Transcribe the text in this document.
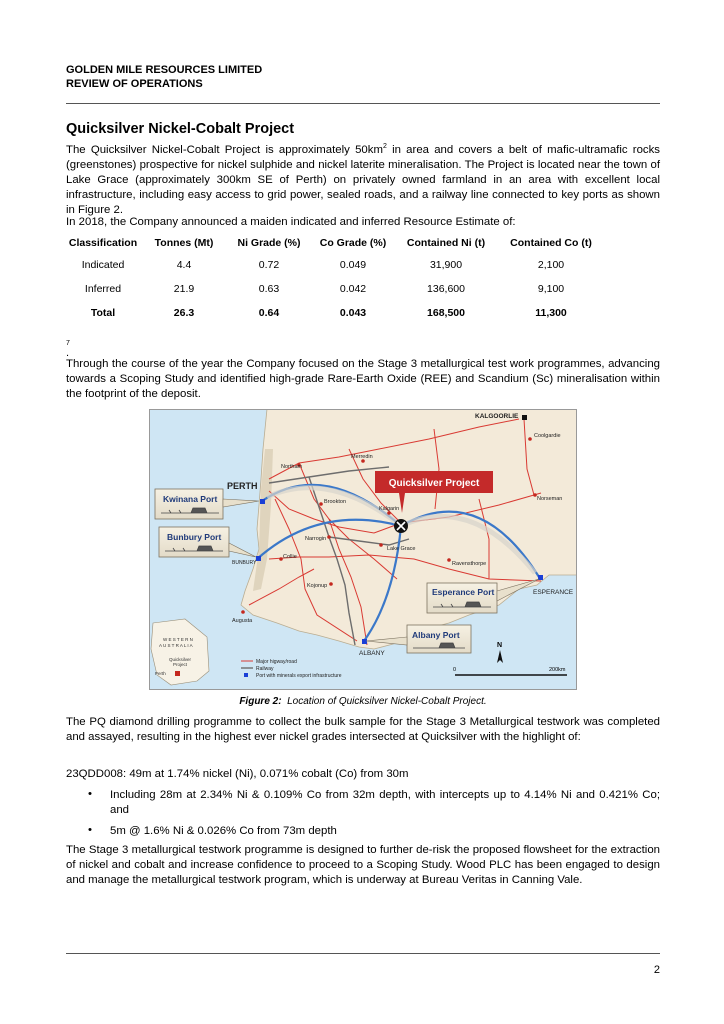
GOLDEN MILE RESOURCES LIMITED
REVIEW OF OPERATIONS
Quicksilver Nickel-Cobalt Project
The Quicksilver Nickel-Cobalt Project is approximately $50km^2$ in area and covers a belt of mafic-ultramafic rocks (greenstones) prospective for nickel sulphide and nickel laterite mineralisation. The Project is located near the town of Lake Grace (approximately 300km SE of Perth) on privately owned farmland in an area with excellent local infrastructure, including easy access to grid power, sealed roads, and a railway line connected to key ports as shown in Figure 2.
In 2018, the Company announced a maiden indicated and inferred Resource Estimate of:
Classification	Tonnes (Mt)	Ni Grade (%)	Co Grade (%)	Contained Ni (t)	Contained Co (t)
Indicated	4.4	0.72	0.049	31,900	2,100
Inferred	21.9	0.63	0.042	136,600	9,100
Total	26.3	0.64	0.043	168,500	11,300
7
.
Through the course of the year the Company focused on the Stage 3 metallurgical test work programmes, advancing towards a Scoping Study and identified high-grade Rare-Earth Oxide (REE) and Scandium (Sc) mineralisation within the footprint of the deposit.
KALGOORLIE
Coolgardie
Merredin
Northam
PERTH
Brookton
Kalgarin
Norseman
Narrogin
Lake Grace
Collie
BUNBURY	Ravensthorpe
Kojonup
ESPERANCE
Augusta
ALBANY
Quicksilver Project
Kwinana Port
Bunbury Port
Esperance Port
Albany Port
W E S T E R N
A U S T R A L I A
Quicksilver
Project
Perth
Major higway/road
Railway
Port with minerals export infrastructure
N
0	200km
Figure 2: Location of Quicksilver Nickel-Cobalt Project.
The PQ diamond drilling programme to collect the bulk sample for the Stage 3 Metallurgical testwork was completed and assayed, resulting in the highest ever nickel grades intersected at Quicksilver with the highlight of:
23QDD008: 49m at 1.74% nickel (Ni), 0.071% cobalt (Co) from 30m
• Including 28m at 2.34% Ni & 0.109% Co from 32m depth, with intercepts up to 4.14% Ni and 0.421% Co; and
• 5m @ 1.6% Ni & 0.026% Co from 73m depth
The Stage 3 metallurgical testwork programme is designed to further de-risk the proposed flowsheet for the extraction of nickel and cobalt and increase confidence to proceed to a Scoping Study. Wood PLC has been engaged to design and manage the metallurgical testwork program, which is underway at Bureau Veritas in Canning Vale.
2
